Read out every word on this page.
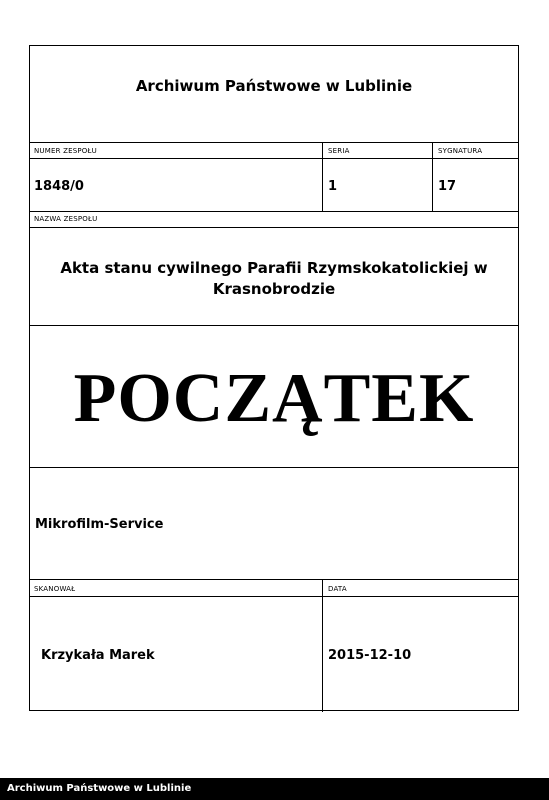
Archiwum Państwowe w Lublinie
NUMER ZESPOŁU	SERIA	SYGNATURA
1848/0	1	17
NAZWA ZESPOŁU
Akta stanu cywilnego Parafii Rzymskokatolickiej w Krasnobrodzie
POCZĄTEK
Mikrofilm-Service
SKANOWAŁ	DATA
Krzykała Marek	2015-12-10
Archiwum Państwowe w Lublinie
